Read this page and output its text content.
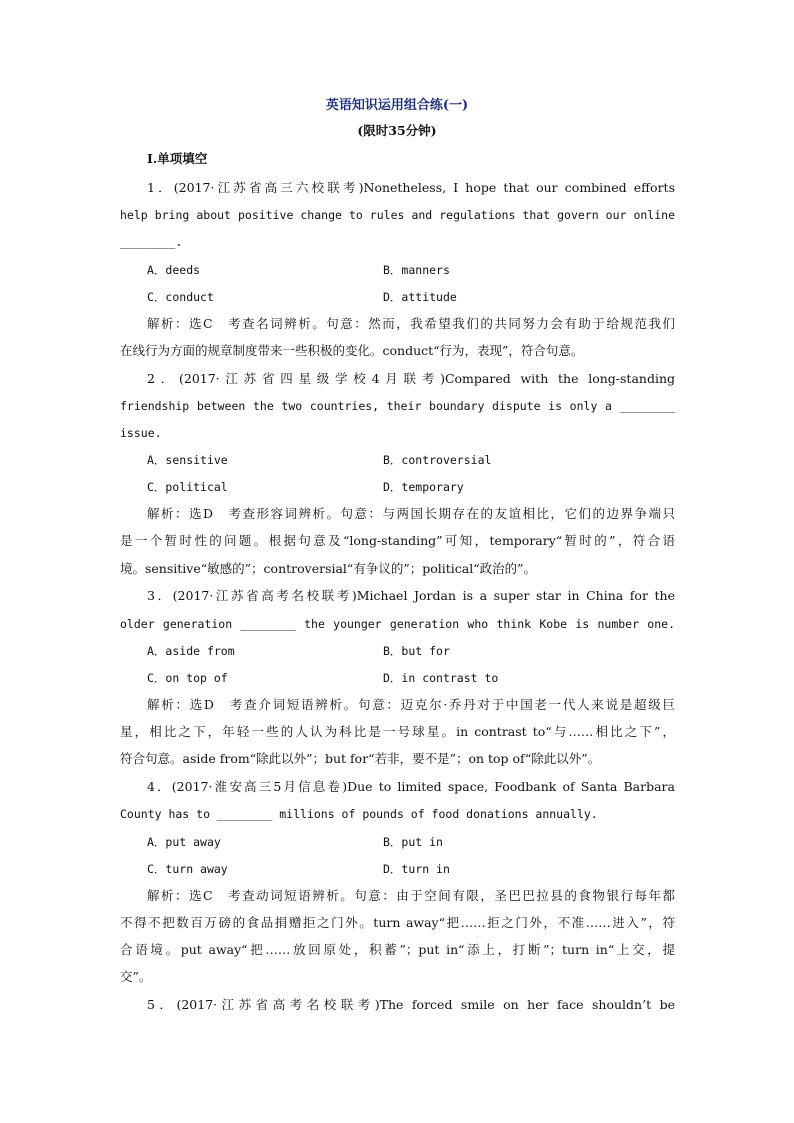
英语知识运用组合练(一)
(限时35分钟)
Ⅰ.单项填空
1．(2017·江苏省高三六校联考)Nonetheless, I hope that our combined efforts
help bring about positive change to rules and regulations that govern our online
________.
A．deeds	B．manners
C．conduct	D．attitude
解析：选C　考查名词辨析。句意：然而，我希望我们的共同努力会有助于给规范我们
在线行为方面的规章制度带来一些积极的变化。conduct“行为，表现”，符合句意。
2．(2017·江苏省四星级学校4月联考)Compared with the long-standing
friendship between the two countries, their boundary dispute is only a ________
issue.
A．sensitive	B．controversial
C．political	D．temporary
解析：选D　考查形容词辨析。句意：与两国长期存在的友谊相比，它们的边界争端只
是一个暂时性的问题。根据句意及“long-standing”可知，temporary“暂时的”，符合语
境。sensitive“敏感的”；controversial“有争议的”；political“政治的”。
3．(2017·江苏省高考名校联考)Michael Jordan is a super star in China for the
older generation ________ the younger generation who think Kobe is number one.
A．aside from	B．but for
C．on top of	D．in contrast to
解析：选D　考查介词短语辨析。句意：迈克尔·乔丹对于中国老一代人来说是超级巨
星，相比之下，年轻一些的人认为科比是一号球星。in contrast to“与……相比之下”，
符合句意。aside from“除此以外”；but for“若非，要不是”；on top of“除此以外”。
4．(2017·淮安高三5月信息卷)Due to limited space, Foodbank of Santa Barbara
County has to ________ millions of pounds of food donations annually.
A．put away	B．put in
C．turn away	D．turn in
解析：选C　考查动词短语辨析。句意：由于空间有限，圣巴巴拉县的食物银行每年都
不得不把数百万磅的食品捐赠拒之门外。turn away“把……拒之门外，不准……进入”，符
合语境。put away“把……放回原处，积蓄”；put in“添上，打断”；turn in“上交，提
交”。
5．(2017·江苏省高考名校联考)The forced smile on her face shouldn’t be
